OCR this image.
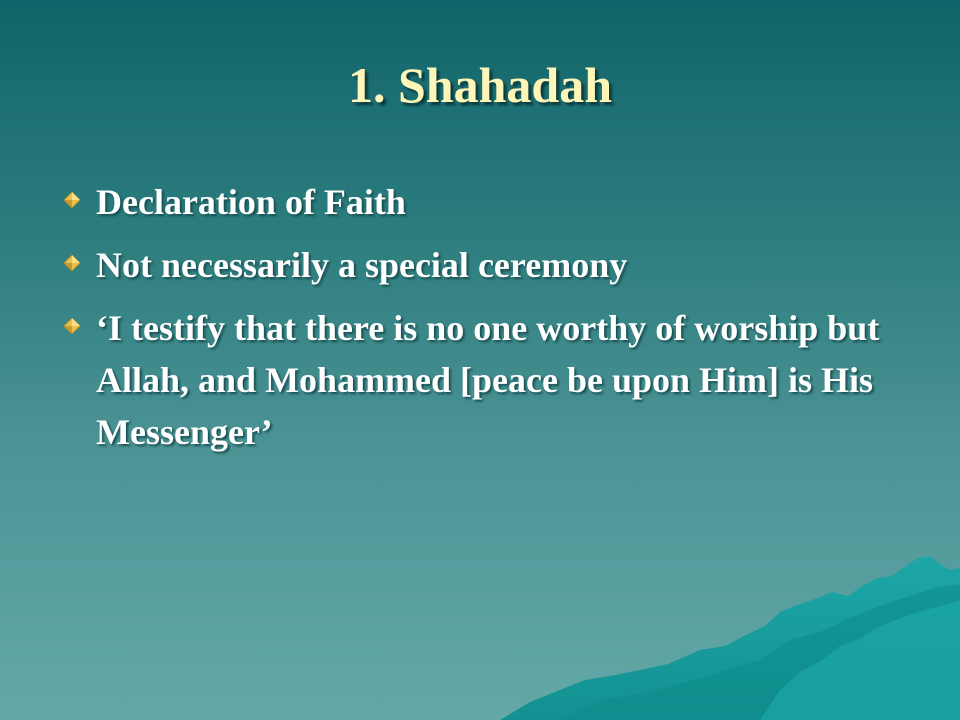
1. Shahadah
Declaration of Faith
Not necessarily a special ceremony
‘I testify that there is no one worthy of worship but Allah, and Mohammed [peace be upon Him] is His Messenger’
